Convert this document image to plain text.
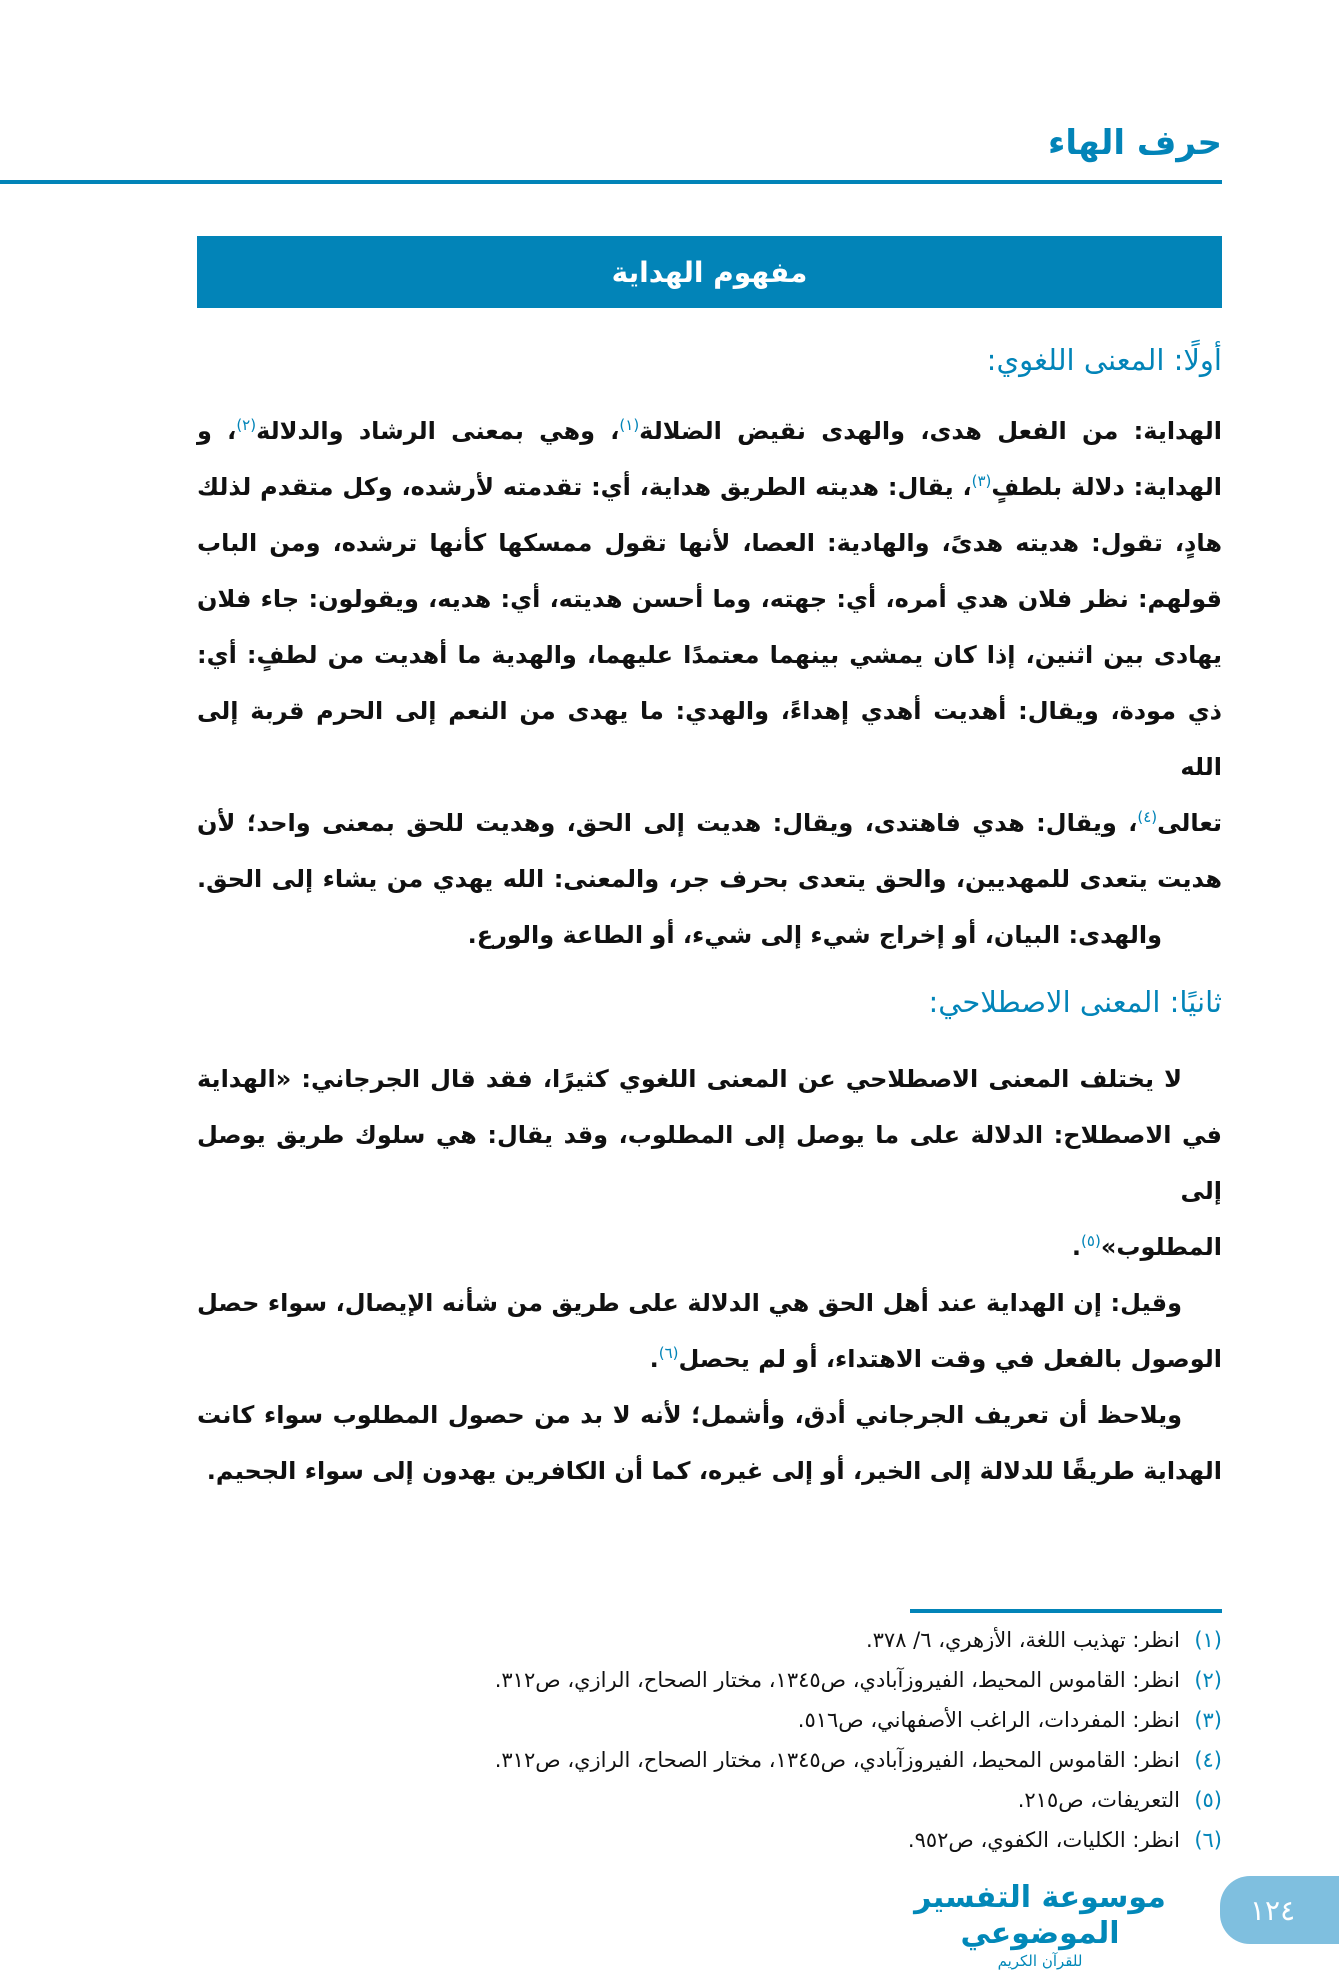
حرف الهاء
مفهوم الهداية
أولًا: المعنى اللغوي:
الهداية: من الفعل هدى، والهدى نقيض الضلالة$^{(١)}$، وهي بمعنى الرشاد والدلالة$^{(٢)}$، و
الهداية: دلالة بلطفٍ$^{(٣)}$، يقال: هديته الطريق هداية، أي: تقدمته لأرشده، وكل متقدم لذلك
هادٍ، تقول: هديته هدىً، والهادية: العصا، لأنها تقول ممسكها كأنها ترشده، ومن الباب
قولهم: نظر فلان هدي أمره، أي: جهته، وما أحسن هديته، أي: هديه، ويقولون: جاء فلان
يهادى بين اثنين، إذا كان يمشي بينهما معتمدًا عليهما، والهدية ما أهديت من لطفٍ: أي:
ذي مودة، ويقال: أهديت أهدي إهداءً، والهدي: ما يهدى من النعم إلى الحرم قربة إلى الله
تعالى$^{(٤)}$، ويقال: هدي فاهتدى، ويقال: هديت إلى الحق، وهديت للحق بمعنى واحد؛ لأن
هديت يتعدى للمهديين، والحق يتعدى بحرف جر، والمعنى: الله يهدي من يشاء إلى الحق.
والهدى: البيان، أو إخراج شيء إلى شيء، أو الطاعة والورع.
ثانيًا: المعنى الاصطلاحي:
لا يختلف المعنى الاصطلاحي عن المعنى اللغوي كثيرًا، فقد قال الجرجاني: «الهداية
في الاصطلاح: الدلالة على ما يوصل إلى المطلوب، وقد يقال: هي سلوك طريق يوصل إلى
المطلوب»$^{(٥)}$.
وقيل: إن الهداية عند أهل الحق هي الدلالة على طريق من شأنه الإيصال، سواء حصل
الوصول بالفعل في وقت الاهتداء، أو لم يحصل$^{(٦)}$.
ويلاحظ أن تعريف الجرجاني أدق، وأشمل؛ لأنه لا بد من حصول المطلوب سواء كانت
الهداية طريقًا للدلالة إلى الخير، أو إلى غيره، كما أن الكافرين يهدون إلى سواء الجحيم.
(١)انظر: تهذيب اللغة، الأزهري، ٦/ ٣٧٨.
(٢)انظر: القاموس المحيط، الفيروزآبادي، ص١٣٤٥، مختار الصحاح، الرازي، ص٣١٢.
(٣)انظر: المفردات، الراغب الأصفهاني، ص٥١٦.
(٤)انظر: القاموس المحيط، الفيروزآبادي، ص١٣٤٥، مختار الصحاح، الرازي، ص٣١٢.
(٥)التعريفات، ص٢١٥.
(٦)انظر: الكليات، الكفوي، ص٩٥٢.
موسوعة التفسير الموضوعي
للقرآن الكريم
١٢٤
